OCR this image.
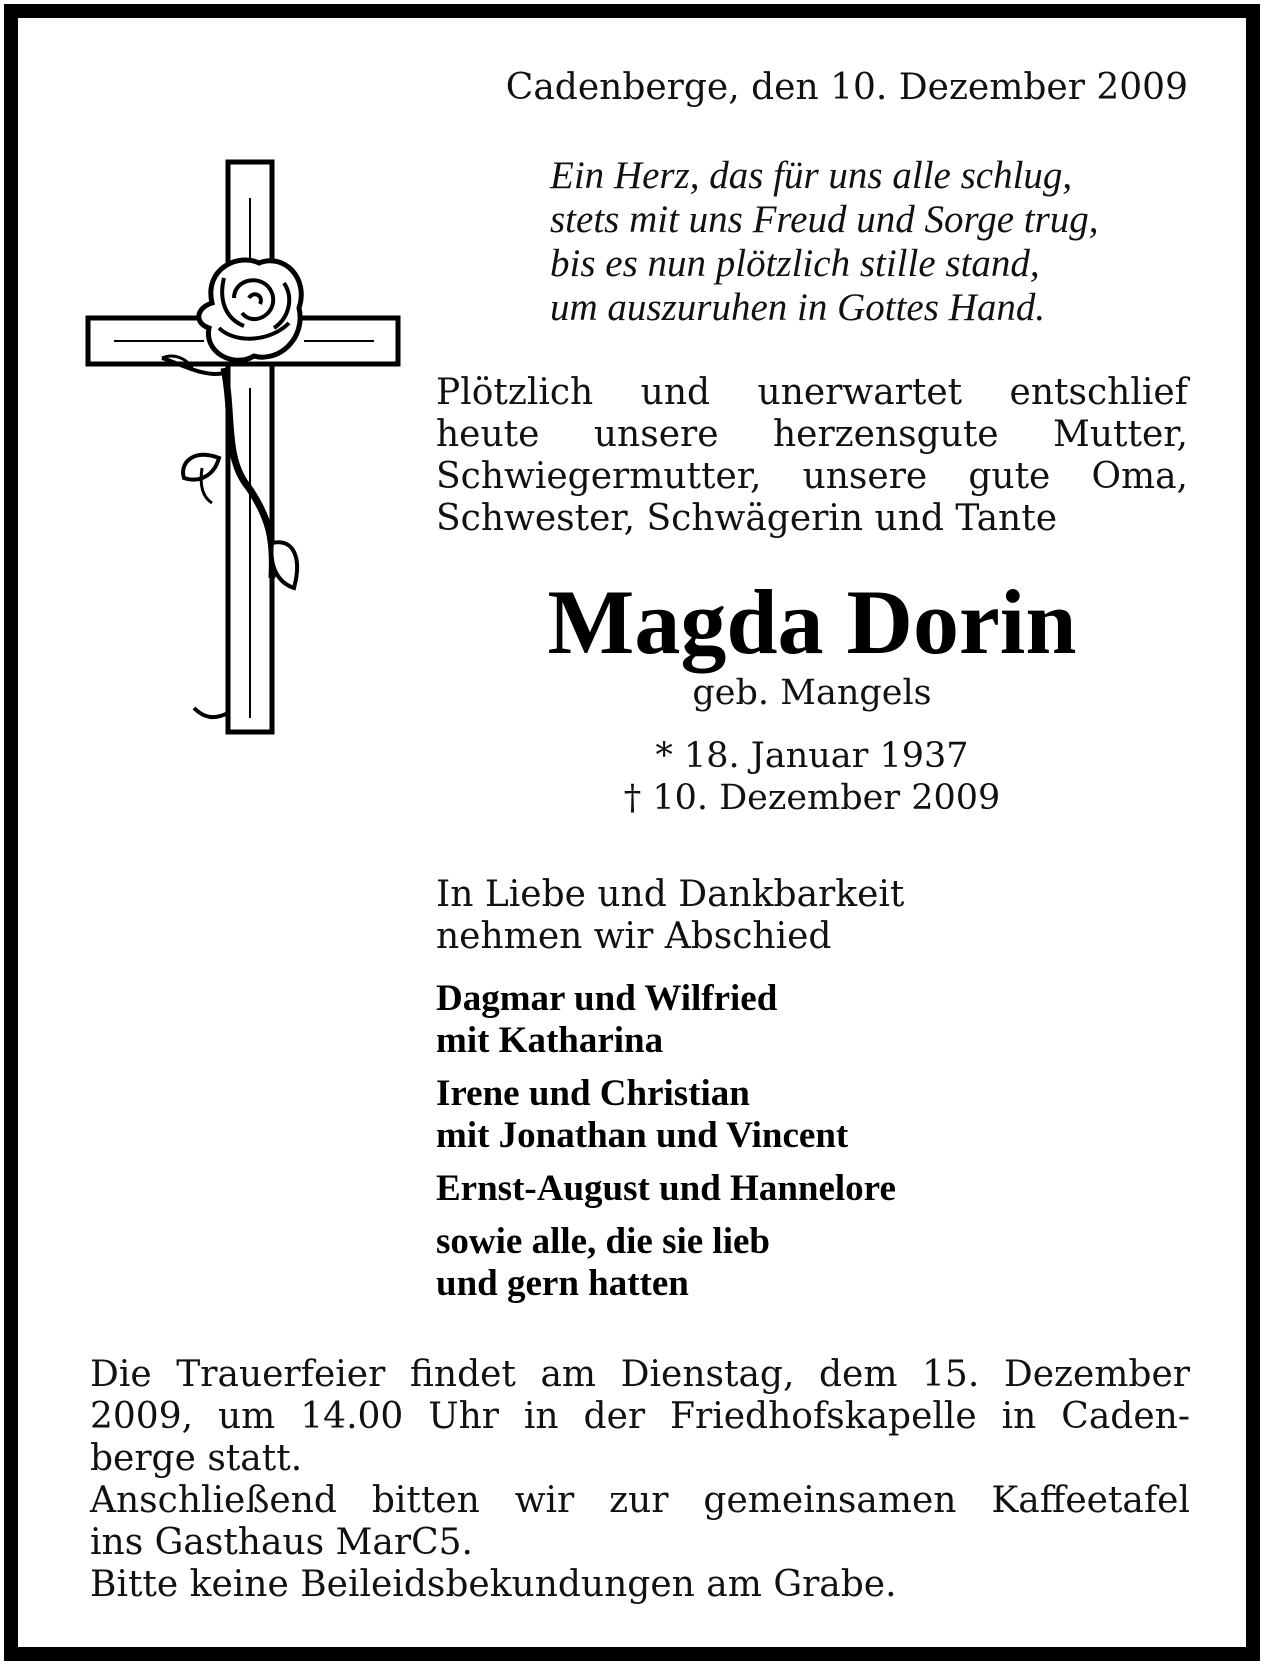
Cadenberge, den 10. Dezember 2009
Ein Herz, das für uns alle schlug,
stets mit uns Freud und Sorge trug,
bis es nun plötzlich stille stand,
um auszuruhen in Gottes Hand.
Plötzlich und unerwartet entschlief
heute unsere herzensgute Mutter,
Schwiegermutter, unsere gute Oma,
Schwester, Schwägerin und Tante
Magda Dorin
geb. Mangels
* 18. Januar 1937
† 10. Dezember 2009
In Liebe und Dankbarkeit
nehmen wir Abschied
Dagmar und Wilfried
mit Katharina
Irene und Christian
mit Jonathan und Vincent
Ernst-August und Hannelore
sowie alle, die sie lieb
und gern hatten
Die Trauerfeier findet am Dienstag, dem 15. Dezember
2009, um 14.00 Uhr in der Friedhofskapelle in Caden-
berge statt.
Anschließend bitten wir zur gemeinsamen Kaffeetafel
ins Gasthaus MarC5.
Bitte keine Beileidsbekundungen am Grabe.
